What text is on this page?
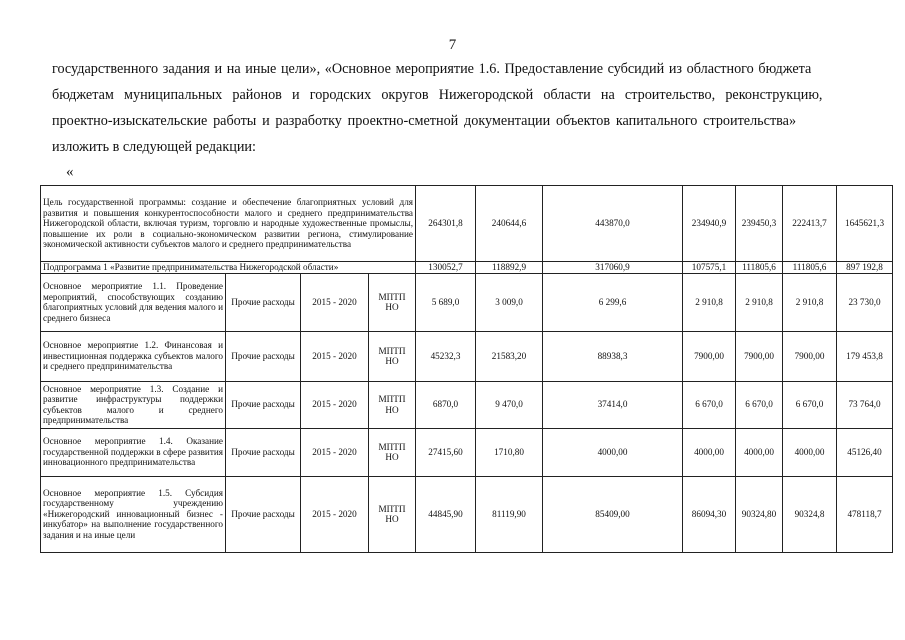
7
государственного задания и на иные цели», «Основное мероприятие 1.6. Предоставление субсидий из областного бюджета
бюджетам муниципальных районов и городских округов Нижегородской области на строительство, реконструкцию,
проектно-изыскательские работы и разработку проектно-сметной документации объектов капитального строительства»
изложить в следующей редакции:
«
Цель государственной программы: создание и обеспечение благоприятных условий для развития и повышения конкурентоспособности малого и среднего предпринимательства Нижегородской области, включая туризм, торговлю и народные художественные промыслы, повышение их роли в социально-экономическом развитии региона, стимулирование экономической активности субъектов малого и среднего предпринимательства				264301,8	240644,6	443870,0	234940,9	239450,3	222413,7	1645621,3
Подпрограмма 1 «Развитие предпринимательства Нижегородской области»				130052,7	118892,9	317060,9	107575,1	111805,6	111805,6	897 192,8
Основное мероприятие 1.1. Проведение мероприятий, способствующих созданию благоприятных условий для ведения малого и среднего бизнеса	Прочие расходы	2015 - 2020	МПТП НО	5 689,0	3 009,0	6 299,6	2 910,8	2 910,8	2 910,8	23 730,0
Основное мероприятие 1.2. Финансовая и инвестиционная поддержка субъектов малого и среднего предпринимательства	Прочие расходы	2015 - 2020	МПТП НО	45232,3	21583,20	88938,3	7900,00	7900,00	7900,00	179 453,8
Основное мероприятие 1.3. Создание и развитие инфраструктуры поддержки субъектов малого и среднего предпринимательства	Прочие расходы	2015 - 2020	МПТП НО	6870,0	9 470,0	37414,0	6 670,0	6 670,0	6 670,0	73 764,0
Основное мероприятие 1.4. Оказание государственной поддержки в сфере развития инновационного предпринимательства	Прочие расходы	2015 - 2020	МПТП НО	27415,60	1710,80	4000,00	4000,00	4000,00	4000,00	45126,40
Основное мероприятие 1.5. Субсидия государственному учреждению «Нижегородский инновационный бизнес - инкубатор» на выполнение государственного задания и на иные цели	Прочие расходы	2015 - 2020	МПТП НО	44845,90	81119,90	85409,00	86094,30	90324,80	90324,8	478118,7
